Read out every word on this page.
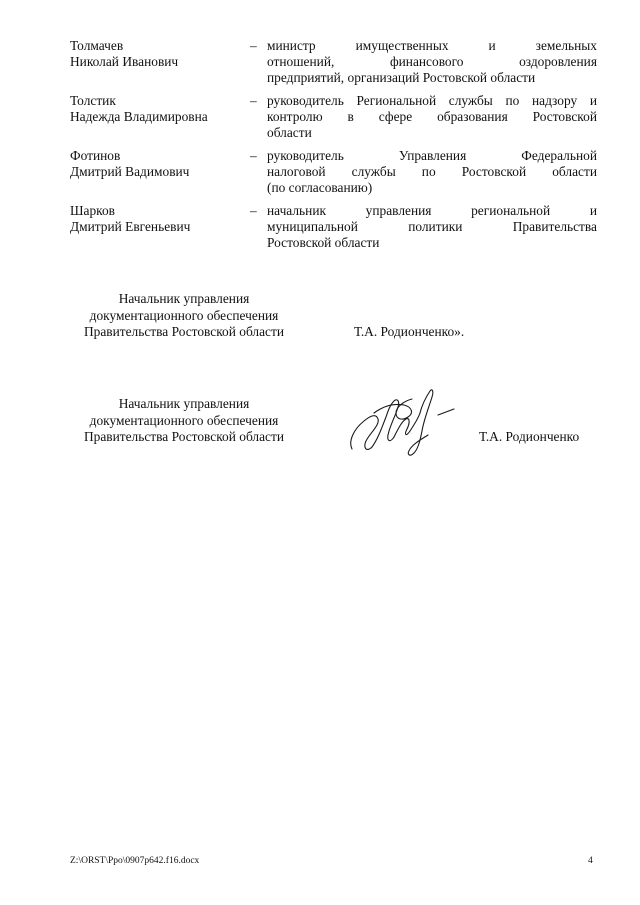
Толмачев
Николай Иванович
– министр имущественных и земельных
отношений, финансового оздоровления
предприятий, организаций Ростовской области
Толстик
Надежда Владимировна
– руководитель Региональной службы по надзору и
контролю в сфере образования Ростовской
области
Фотинов
Дмитрий Вадимович
– руководитель Управления Федеральной
налоговой службы по Ростовской области
(по согласованию)
Шарков
Дмитрий Евгеньевич
– начальник управления региональной и
муниципальной политики Правительства
Ростовской области
Начальник управления
документационного обеспечения
Правительства Ростовской области	Т.А. Родионченко».
Начальник управления
документационного обеспечения
Правительства Ростовской области	Т.А. Родионченко
Z:\ORST\Ppo\0907p642.f16.docx	4
